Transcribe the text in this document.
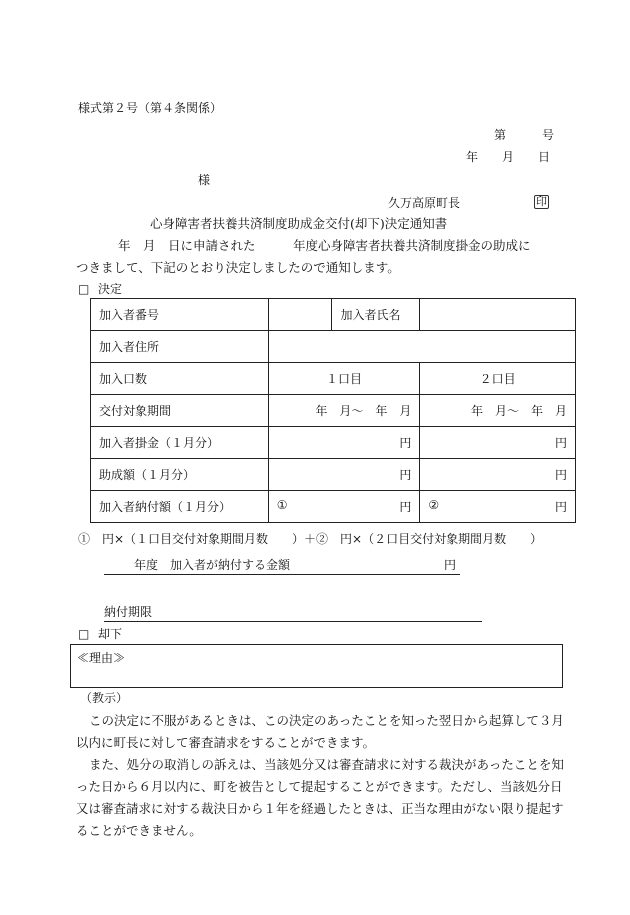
様式第２号（第４条関係）
第　　　号
年　　月　　日
様
久万高原町長	印
心身障害者扶養共済制度助成金交付(却下)決定通知書
年　月　日に申請された　　　年度心身障害者扶養共済制度掛金の助成に
つきまして、下記のとおり決定しましたので通知します。
□ 決定
加入者番号		加入者氏名	
加入者住所			
加入口数	１口目		２口目
交付対象期間	年　月～　年　月		年　月～　年　月
加入者掛金（１月分）	円		円
助成額（１月分）	円		円
加入者納付額（１月分）	① 円		② 円
①　円×（１口目交付対象期間月数　　）＋②　円×（２口目交付対象期間月数　　）
年度　加入者が納付する金額	円
納付期限
□ 却下
≪理由≫
（教示）
この決定に不服があるときは、この決定のあったことを知った翌日から起算して３月以内に町長に対して審査請求をすることができます。
また、処分の取消しの訴えは、当該処分又は審査請求に対する裁決があったことを知った日から６月以内に、町を被告として提起することができます。ただし、当該処分日又は審査請求に対する裁決日から１年を経過したときは、正当な理由がない限り提起することができません。
